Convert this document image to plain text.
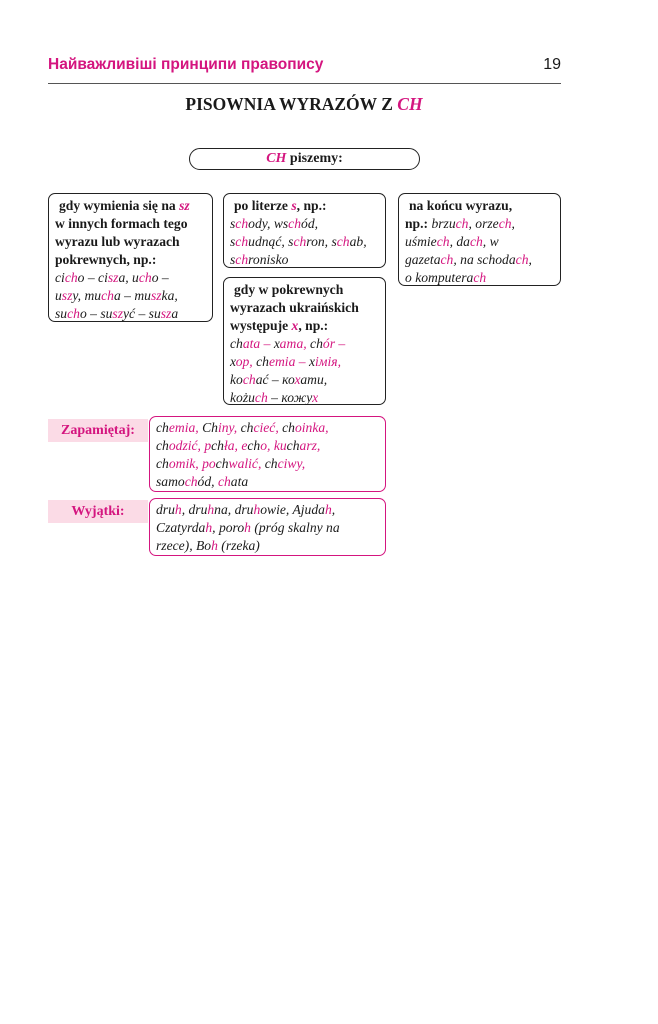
Найважливіші принципи правопису	19
PISOWNIA WYRAZÓW Z CH
CH piszemy:
gdy wymienia się na sz
w innych formach tego
wyrazu lub wyrazach
pokrewnych, np.:
cicho – cisza, ucho –
uszy, mucha – muszka,
sucho – suszyć – susza
po literze s, np.:
schody, wschód,
schudnąć, schron, schab,
schronisko
na końcu wyrazu,
np.: brzuch, orzech,
uśmiech, dach, w
gazetach, na schodach,
o komputerach
gdy w pokrewnych
wyrazach ukraińskich
występuje х, np.:
chata – хата, chór –
хор, chemia – хімія,
kochać – кохати,
kożuch – кожух
Zapamiętaj:	chemia, Chiny, chcieć, choinka,
chodzić, pchła, echo, kucharz,
chomik, pochwalić, chciwy,
samochód, chata
Wyjątki:	druh, druhna, druhowie, Ajudah,
Czatyrdah, poroh (próg skalny na
rzece), Boh (rzeka)
